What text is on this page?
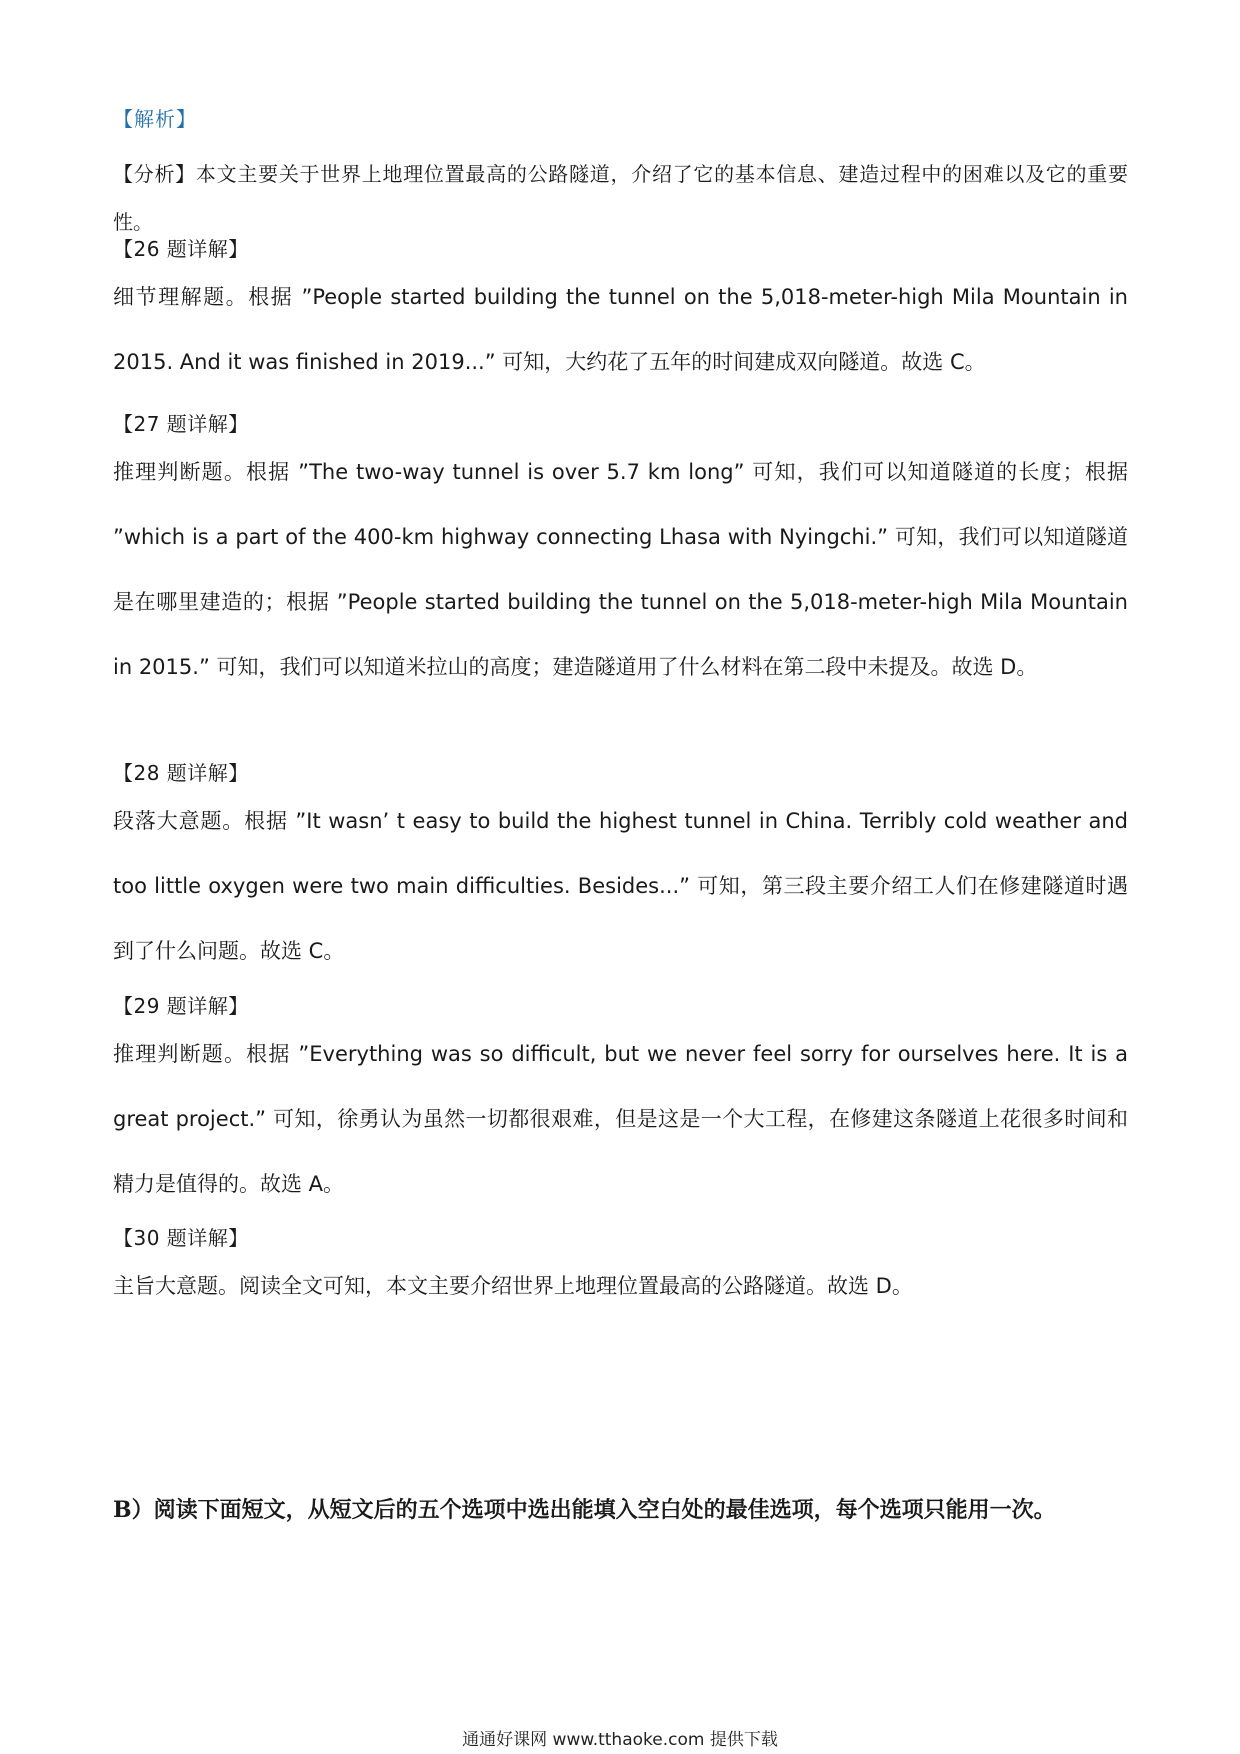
【解析】
【分析】本文主要关于世界上地理位置最高的公路隧道，介绍了它的基本信息、建造过程中的困难以及它的重要性。
【26 题详解】
细节理解题。根据 ”People started building the tunnel on the 5,018-meter-high Mila Mountain in 2015. And it was finished in 2019...” 可知，大约花了五年的时间建成双向隧道。故选 C。
【27 题详解】
推理判断题。根据 ”The two-way tunnel is over 5.7 km long” 可知，我们可以知道隧道的长度；根据 ”which is a part of the 400-km highway connecting Lhasa with Nyingchi.” 可知，我们可以知道隧道是在哪里建造的；根据 ”People started building the tunnel on the 5,018-meter-high Mila Mountain in 2015.” 可知，我们可以知道米拉山的高度；建造隧道用了什么材料在第二段中未提及。故选 D。
【28 题详解】
段落大意题。根据 ”It wasn’ t easy to build the highest tunnel in China. Terribly cold weather and too little oxygen were two main difficulties. Besides...” 可知，第三段主要介绍工人们在修建隧道时遇到了什么问题。故选 C。
【29 题详解】
推理判断题。根据 ”Everything was so difficult, but we never feel sorry for ourselves here. It is a great project.” 可知，徐勇认为虽然一切都很艰难，但是这是一个大工程，在修建这条隧道上花很多时间和精力是值得的。故选 A。
【30 题详解】
主旨大意题。阅读全文可知，本文主要介绍世界上地理位置最高的公路隧道。故选 D。
B）阅读下面短文，从短文后的五个选项中选出能填入空白处的最佳选项，每个选项只能用一次。
通通好课网 www.tthaoke.com 提供下载
